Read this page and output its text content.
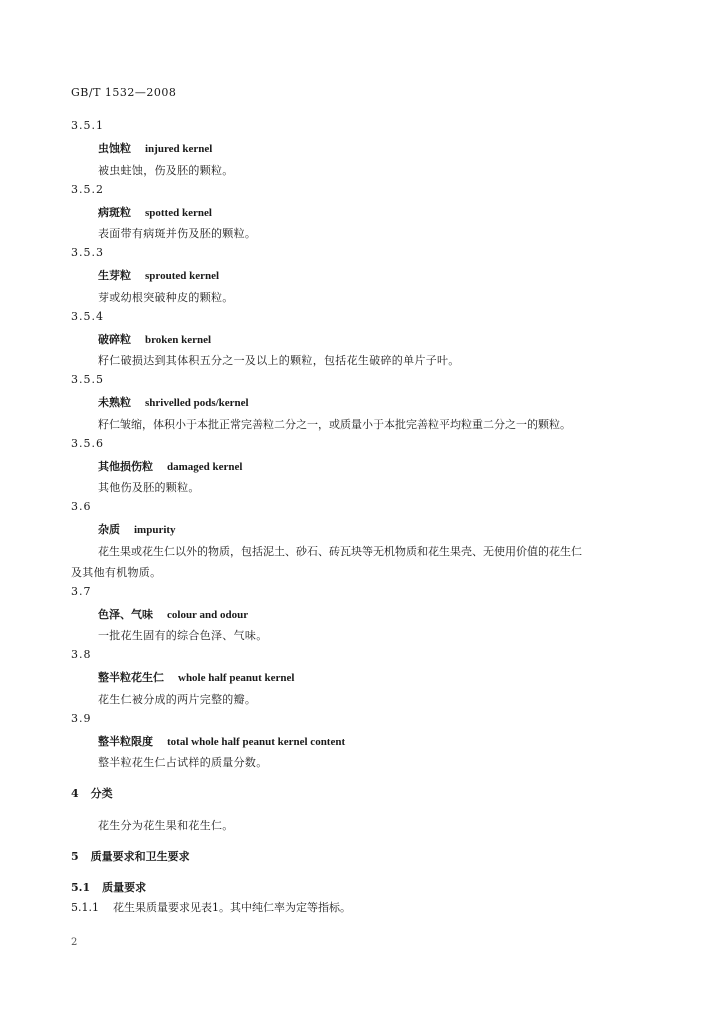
GB/T 1532—2008
3.5.1
虫蚀粒 injured kernel
被虫蛀蚀，伤及胚的颗粒。
3.5.2
病斑粒 spotted kernel
表面带有病斑并伤及胚的颗粒。
3.5.3
生芽粒 sprouted kernel
芽或幼根突破种皮的颗粒。
3.5.4
破碎粒 broken kernel
籽仁破损达到其体积五分之一及以上的颗粒，包括花生破碎的单片子叶。
3.5.5
未熟粒 shrivelled pods/kernel
籽仁皱缩，体积小于本批正常完善粒二分之一，或质量小于本批完善粒平均粒重二分之一的颗粒。
3.5.6
其他损伤粒 damaged kernel
其他伤及胚的颗粒。
3.6
杂质 impurity
花生果或花生仁以外的物质，包括泥土、砂石、砖瓦块等无机物质和花生果壳、无使用价值的花生仁
及其他有机物质。
3.7
色泽、气味 colour and odour
一批花生固有的综合色泽、气味。
3.8
整半粒花生仁 whole half peanut kernel
花生仁被分成的两片完整的瓣。
3.9
整半粒限度 total whole half peanut kernel content
整半粒花生仁占试样的质量分数。
4 分类
花生分为花生果和花生仁。
5 质量要求和卫生要求
5.1 质量要求
5.1.1 花生果质量要求见表1。其中纯仁率为定等指标。
2
